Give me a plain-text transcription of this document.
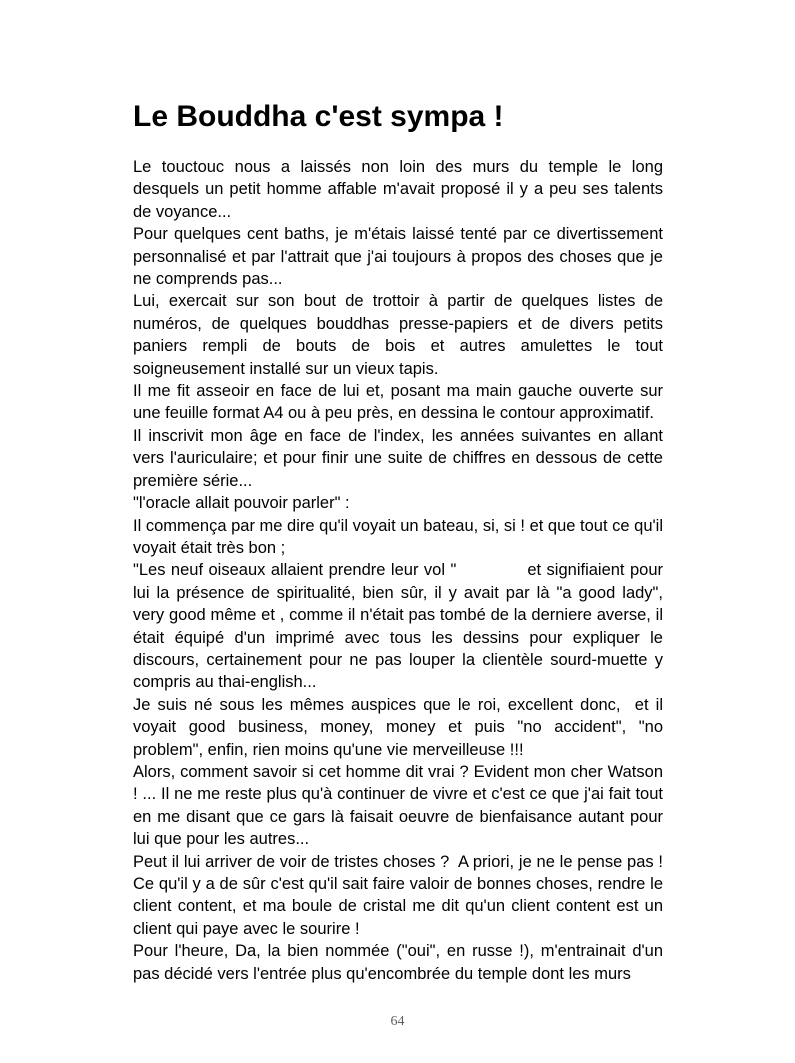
Le Bouddha c'est sympa !

Le touctouc nous a laissés non loin des murs du temple le long desquels un petit homme affable m'avait proposé il y a peu ses talents de voyance...

Pour quelques cent baths, je m'étais laissé tenté par ce divertissement personnalisé et par l'attrait que j'ai toujours à propos des choses que je ne comprends pas...

Lui, exercait sur son bout de trottoir à partir de quelques listes de numéros, de quelques bouddhas presse-papiers et de divers petits paniers rempli de bouts de bois et autres amulettes le tout soigneusement installé sur un vieux tapis.

Il me fit asseoir en face de lui et, posant ma main gauche ouverte sur une feuille format A4 ou à peu près, en dessina le contour approximatif.

Il inscrivit mon âge en face de l'index, les années suivantes en allant vers l'auriculaire; et pour finir une suite de chiffres en dessous de cette première série...

"l'oracle allait pouvoir parler" :

Il commença par me dire qu'il voyait un bateau, si, si ! et que tout ce qu'il voyait était très bon ;

"Les neuf oiseaux allaient prendre leur vol "             et signifiaient pour lui la présence de spiritualité, bien sûr, il y avait par là "a good lady", very good même et , comme il n'était pas tombé de la derniere averse, il était équipé d'un imprimé avec tous les dessins pour expliquer le discours, certainement pour ne pas louper la clientèle sourd-muette y compris au thai-english...

Je suis né sous les mêmes auspices que le roi, excellent donc,  et il voyait good business, money, money et puis "no accident", "no problem", enfin, rien moins qu'une vie merveilleuse !!!

Alors, comment savoir si cet homme dit vrai ? Evident mon cher Watson ! ... Il ne me reste plus qu'à continuer de vivre et c'est ce que j'ai fait tout en me disant que ce gars là faisait oeuvre de bienfaisance autant pour lui que pour les autres...

Peut il lui arriver de voir de tristes choses ?  A priori, je ne le pense pas ! Ce qu'il y a de sûr c'est qu'il sait faire valoir de bonnes choses, rendre le client content, et ma boule de cristal me dit qu'un client content est un client qui paye avec le sourire !

Pour l'heure, Da, la bien nommée ("oui", en russe !), m'entrainait d'un pas décidé vers l'entrée plus qu'encombrée du temple dont les murs

64
